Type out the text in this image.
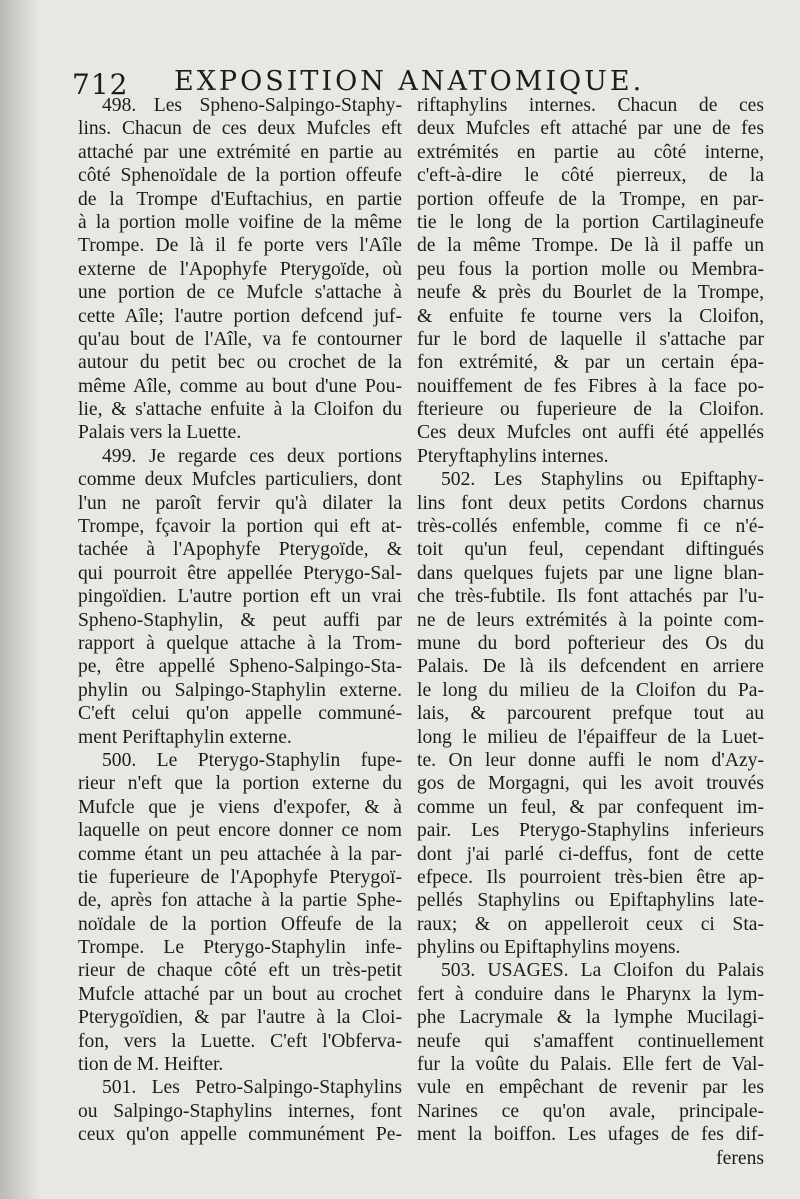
712 EXPOSITION ANATOMIQUE.
498. Les Spheno-Salpingo-Staphy-
lins. Chacun de ces deux Mufcles eft
attaché par une extrémité en partie au
côté Sphenoïdale de la portion offeufe
de la Trompe d'Euftachius, en partie
à la portion molle voifine de la même
Trompe. De là il fe porte vers l'Aîle
externe de l'Apophyfe Pterygoïde, où
une portion de ce Mufcle s'attache à
cette Aîle; l'autre portion defcend juf-
qu'au bout de l'Aîle, va fe contourner
autour du petit bec ou crochet de la
même Aîle, comme au bout d'une Pou-
lie, & s'attache enfuite à la Cloifon du
Palais vers la Luette.
499. Je regarde ces deux portions
comme deux Mufcles particuliers, dont
l'un ne paroît fervir qu'à dilater la
Trompe, fçavoir la portion qui eft at-
tachée à l'Apophyfe Pterygoïde, &
qui pourroit être appellée Pterygo-Sal-
pingoïdien. L'autre portion eft un vrai
Spheno-Staphylin, & peut auffi par
rapport à quelque attache à la Trom-
pe, être appellé Spheno-Salpingo-Sta-
phylin ou Salpingo-Staphylin externe.
C'eft celui qu'on appelle communé-
ment Periftaphylin externe.
500. Le Pterygo-Staphylin fupe-
rieur n'eft que la portion externe du
Mufcle que je viens d'expofer, & à
laquelle on peut encore donner ce nom
comme étant un peu attachée à la par-
tie fuperieure de l'Apophyfe Pterygoï-
de, après fon attache à la partie Sphe-
noïdale de la portion Offeufe de la
Trompe. Le Pterygo-Staphylin infe-
rieur de chaque côté eft un très-petit
Mufcle attaché par un bout au crochet
Pterygoïdien, & par l'autre à la Cloi-
fon, vers la Luette. C'eft l'Obferva-
tion de M. Heifter.
501. Les Petro-Salpingo-Staphylins
ou Salpingo-Staphylins internes, font
ceux qu'on appelle communément Pe-
riftaphylins internes. Chacun de ces
deux Mufcles eft attaché par une de fes
extrémités en partie au côté interne,
c'eft-à-dire le côté pierreux, de la
portion offeufe de la Trompe, en par-
tie le long de la portion Cartilagineufe
de la même Trompe. De là il paffe un
peu fous la portion molle ou Membra-
neufe & près du Bourlet de la Trompe,
& enfuite fe tourne vers la Cloifon,
fur le bord de laquelle il s'attache par
fon extrémité, & par un certain épa-
nouiffement de fes Fibres à la face po-
fterieure ou fuperieure de la Cloifon.
Ces deux Mufcles ont auffi été appellés
Pteryftaphylins internes.
502. Les Staphylins ou Epiftaphy-
lins font deux petits Cordons charnus
très-collés enfemble, comme fi ce n'é-
toit qu'un feul, cependant diftingués
dans quelques fujets par une ligne blan-
che très-fubtile. Ils font attachés par l'u-
ne de leurs extrémités à la pointe com-
mune du bord pofterieur des Os du
Palais. De là ils defcendent en arriere
le long du milieu de la Cloifon du Pa-
lais, & parcourent prefque tout au
long le milieu de l'épaiffeur de la Luet-
te. On leur donne auffi le nom d'Azy-
gos de Morgagni, qui les avoit trouvés
comme un feul, & par confequent im-
pair. Les Pterygo-Staphylins inferieurs
dont j'ai parlé ci-deffus, font de cette
efpece. Ils pourroient très-bien être ap-
pellés Staphylins ou Epiftaphylins late-
raux; & on appelleroit ceux ci Sta-
phylins ou Epiftaphylins moyens.
503. USAGES. La Cloifon du Palais
fert à conduire dans le Pharynx la lym-
phe Lacrymale & la lymphe Mucilagi-
neufe qui s'amaffent continuellement
fur la voûte du Palais. Elle fert de Val-
vule en empêchant de revenir par les
Narines ce qu'on avale, principale-
ment la boiffon. Les ufages de fes dif-
ferens
